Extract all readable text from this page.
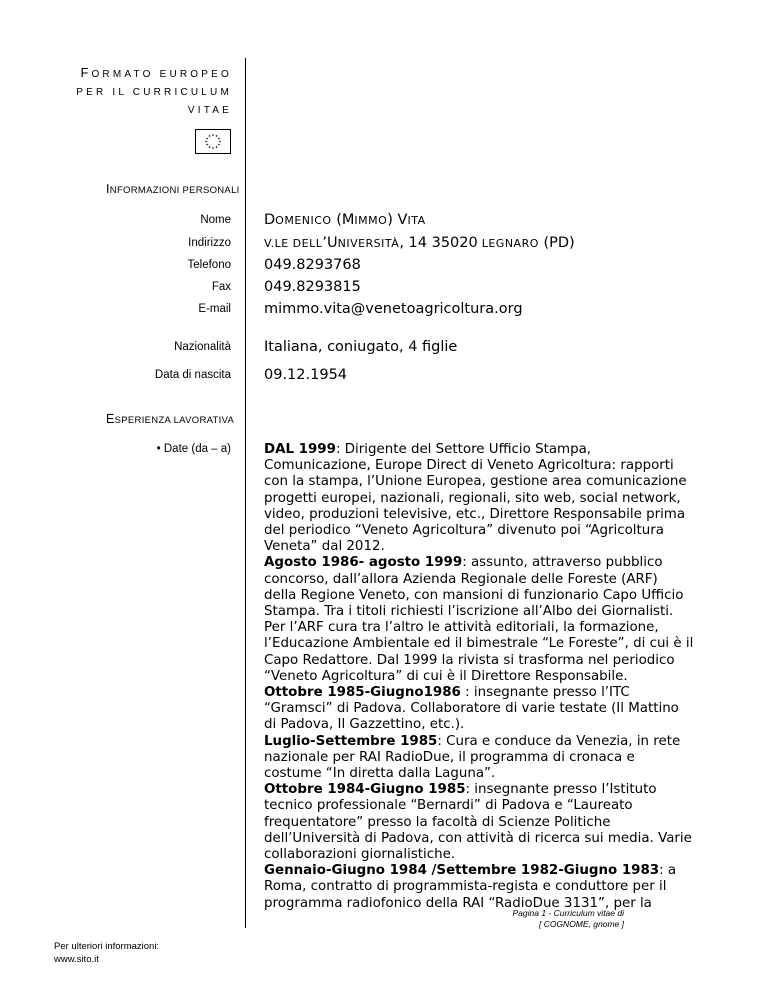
FORMATO EUROPEO
PER IL CURRICULUM
VITAE
INFORMAZIONI PERSONALI
Nome DOMENICO (MIMMO) VITA
Indirizzo	V.LE DELL’UNIVERSITÀ, 14 35020 LEGNARO (PD)
Telefono 049.8293768
Fax 049.8293815
E-mail mimmo.vita@venetoagricoltura.org
Nazionalità Italiana, coniugato, 4 figlie
Data di nascita 09.12.1954
ESPERIENZA LAVORATIVA
• Date (da – a) DAL 1999: Dirigente del Settore Ufficio Stampa, Comunicazione, Europe Direct di Veneto Agricoltura: rapporti con la stampa, l’Unione Europea, gestione area comunicazione progetti europei, nazionali, regionali, sito web, social network, video, produzioni televisive, etc., Direttore Responsabile prima del periodico “Veneto Agricoltura” divenuto poi “Agricoltura Veneta” dal 2012.

Agosto 1986- agosto 1999: assunto, attraverso pubblico concorso, dall’allora Azienda Regionale delle Foreste (ARF) della Regione Veneto, con mansioni di funzionario Capo Ufficio Stampa. Tra i titoli richiesti l’iscrizione all’Albo dei Giornalisti. Per l’ARF cura tra l’altro le attività editoriali, la formazione, l’Educazione Ambientale ed il bimestrale “Le Foreste”, di cui è il Capo Redattore. Dal 1999 la rivista si trasforma nel periodico “Veneto Agricoltura” di cui è il Direttore Responsabile.

Ottobre 1985-Giugno1986 : insegnante presso l’ITC “Gramsci” di Padova. Collaboratore di varie testate (Il Mattino di Padova, Il Gazzettino, etc.).

Luglio-Settembre 1985: Cura e conduce da Venezia, in rete nazionale per RAI RadioDue, il programma di cronaca e costume “In diretta dalla Laguna”.

Ottobre 1984-Giugno 1985: insegnante presso l’Istituto tecnico professionale “Bernardi” di Padova e “Laureato frequentatore” presso la facoltà di Scienze Politiche dell’Università di Padova, con attività di ricerca sui media. Varie collaborazioni giornalistiche.

Gennaio-Giugno 1984 /Settembre 1982-Giugno 1983: a Roma, contratto di programmista-regista e conduttore per il programma radiofonico della RAI “RadioDue 3131”, per la

Pagina 1 - Curriculum vitae di
[ COGNOME, gnome ]
Per ulteriori informazioni:
www.sito.it
